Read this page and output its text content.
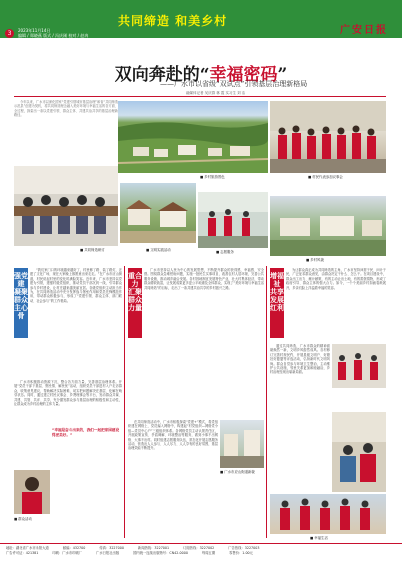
3	2023年11月14日
编辑 / 郑晓燕 版式 / 冯庆刚 校对 / 赵冉
共同缔造 和美乡村
广安日报
双向奔赴的“幸福密码”
——广水市以省级“双试点”引领基层治理新格局
融媒体记者 吴庆群 林 霞 实习生 刘 洁

今年以来，广水市以深化国家“党建引领城市基层治理”和省“共同缔造示范县”创建为契机，将共同缔造理念融入美好环境与幸福生活的各方面、全过程，探索出一条以党建引领、群众主体、共建共治共享的基层治理新路径。

■ 乡村旅游景色	■ 村民代表参加议事会
■ 共同缔造研讨	■ 文明实践活动	■ 志愿服务
■ 乡村风貌
强党建 凝聚群众主心骨
重合力 汇聚群众力量
增福祉 共享发展红利

“我们家门口的环境越来越好了，村里修了路、装了路灯，还建了文化广场，现在大家晚上都愿意出来走走。”在广水市应山街道，村民说起村里的变化时满脸笑容。近年来，广水市坚持以党建为引领，建强村级党组织，推动党员干部沉到一线，引导群众参与乡村建设，让村庄越来越美丽宜居。各级党组织主动担当作为，在共同缔造活动中充分发挥战斗堡垒作用和党员先锋模范作用，带动群众积极参与，形成了“党建引领、群众主体、部门联动、社会参与”的工作格局。

广水市积极推动资源下沉，整合各方面力量，完善基层治理体系。开展“党员干部下基层、察民情、解民忧”活动，组织党员干部进村入户走访群众，收集意见建议，帮助解决实际困难，切实把问题解决在基层、化解在萌芽状态。同时，通过建立村民议事会、乡贤理事会等平台，发动群众共谋、共建、共管、共评、共享，充分激发群众参与基层治理的积极性和主动性，让群众成为乡村治理的主体力量。

广水市坚持以人民为中心的发展思想，不断提升群众的获得感、幸福感、安全感。围绕群众急难愁盼问题，实施一批民生实事项目，改善农村人居环境，完善公共服务设施，推动城乡融合发展。各村因地制宜发展特色产业，壮大村集体经济，带动群众增收致富，让发展成果更多更公平地惠及全体群众，实现了“美好环境与幸福生活共同缔造”的目标，走出了一条共建共治共享的乡村振兴之路。

在共同缔造活动中，广水市积极探索“党建+”模式，将党组织建在网格上、党员编入网格中，构建起“村党组织—网格党小组—党员中心户”三级组织体系。各网格党员主动认领责任区，开展政策宣传、矛盾调解、环境整治等服务，做到小事不出网格、大事不出村。同时组建志愿服务队伍，常态化开展志愿服务活动，营造出人人参与、人人尽力、人人享有的良好氛围，基层治理效能不断提升。

为让群众真正成为共同缔造的主角，广水市坚持问需于民、问计于民，广泛征求群众意见，由群众决定干什么、怎么干。在项目建设中，群众出工出力、献计献策，有的主动让出土地，有的捐资捐物，形成了政府引导、群众主体的强大合力。如今，一个个美丽乡村如画卷般展开，乡亲们脸上洋溢着幸福的笑容。

通过共同缔造，广水市群众的精神面貌焕然一新，文明乡风蔚然成风。各村修订完善村规民约，开展星级文明户、好媳妇好婆婆等评选活动，弘扬新时代文明风尚。群众自觉参与环境卫生整治，主动维护公共设施，邻里关系更加和睦融洽，乡村治理呈现出崭新局面。

“幸福是奋斗出来的，我们一起把家园建设得更美好。”
■ 群众活动
■ 广水市应山街道新貌
■ 幸福生活
地址：湖北省广水市永阳大道	邮编：432700	传真：3227000	新闻热线：3227001	订阅热线：3227002	广告热线：3227003
广告许可证：421381	印刷：广水市印刷厂	广水日报社出版	国内统一连续出版物号：CN42-0000	每周五期	零售价：1.00元
